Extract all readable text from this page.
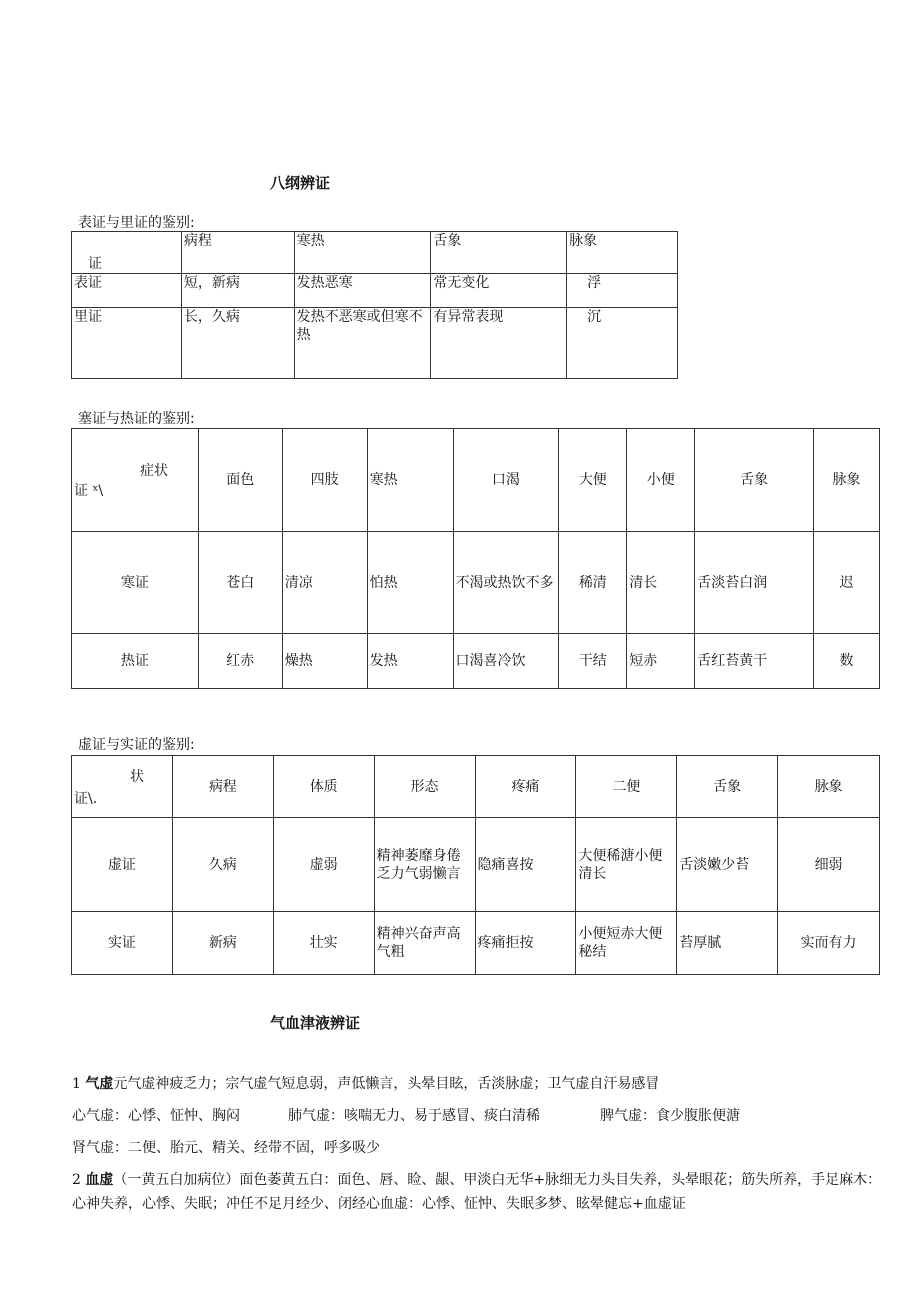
八纲辨证
表证与里证的鉴别:
证	病程	寒热	舌象	脉象
表证	短，新病	发热恶寒	常无变化	浮
里证	长，久病	发热不恶寒或但寒不热	有异常表现	沉
塞证与热证的鉴别:
症状
证 ˣ\	面色	四肢	寒热	口渴	大便	小便	舌象	脉象
寒证	苍白	清凉	怕热	不渴或热饮不多	稀清	清长	舌淡苔白润	迟
热证	红赤	燥热	发热	口渴喜冷饮	干结	短赤	舌红苔黄干	数
虚证与实证的鉴别:
状
证\.	病程	体质	形态	疼痛	二便	舌象	脉象
虚证	久病	虚弱	精神萎靡身倦乏力气弱懒言	隐痛喜按	大便稀溏小便清长	舌淡嫩少苔	细弱
实证	新病	壮实	精神兴奋声高气粗	疼痛拒按	小便短赤大便秘结	苔厚腻	实而有力
气血津液辨证
1 气虚元气虚神疲乏力；宗气虚气短息弱，声低懒言，头晕目眩，舌淡脉虚；卫气虚自汗易感冒
心气虚：心悸、怔忡、胸闷	肺气虚：咳喘无力、易于感冒、痰白清稀	脾气虚：食少腹胀便溏
肾气虚：二便、胎元、精关、经带不固，呼多吸少
2 血虚（一黄五白加病位）面色萎黄五白：面色、唇、睑、龈、甲淡白无华+脉细无力头目失养，头晕眼花；筋失所养，手足麻木：心神失养，心悸、失眠；冲任不足月经少、闭经心血虚：心悸、怔忡、失眠多梦、眩晕健忘+血虚证
